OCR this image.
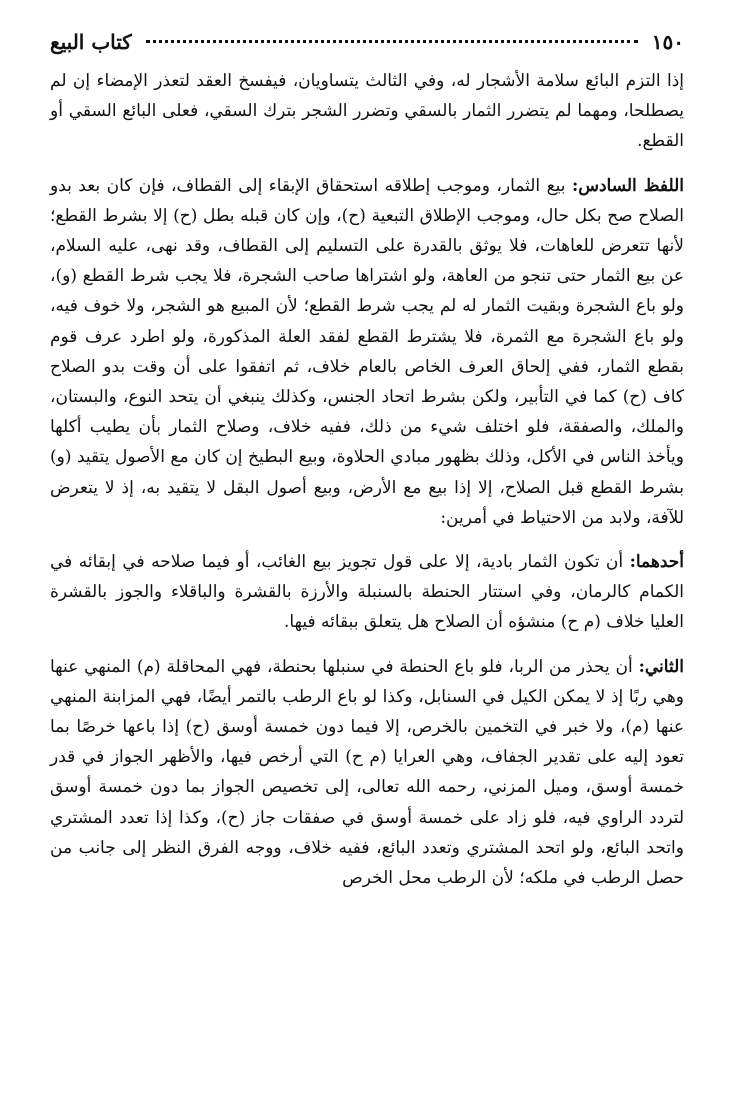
١٥٠
كتاب البيع

إذا التزم البائع سلامة الأشجار له، وفي الثالث يتساويان، فيفسخ العقد لتعذر الإمضاء إن لم يصطلحا، ومهما لم يتضرر الثمار بالسقي وتضرر الشجر بترك السقي، فعلى البائع السقي أو القطع.

اللفظ السادس: بيع الثمار، وموجب إطلاقه استحقاق الإبقاء إلى القطاف، فإن كان بعد بدو الصلاح صح بكل حال، وموجب الإطلاق التبعية (ح)، وإن كان قبله بطل (ح) إلا بشرط القطع؛ لأنها تتعرض للعاهات، فلا يوثق بالقدرة على التسليم إلى القطاف، وقد نهى، عليه السلام، عن بيع الثمار حتى تنجو من العاهة، ولو اشتراها صاحب الشجرة، فلا يجب شرط القطع (و)، ولو باع الشجرة وبقيت الثمار له لم يجب شرط القطع؛ لأن المبيع هو الشجر، ولا خوف فيه، ولو باع الشجرة مع الثمرة، فلا يشترط القطع لفقد العلة المذكورة، ولو اطرد عرف قوم بقطع الثمار، ففي إلحاق العرف الخاص بالعام خلاف، ثم اتفقوا على أن وقت بدو الصلاح كاف (ح) كما في التأبير، ولكن بشرط اتحاد الجنس، وكذلك ينبغي أن يتحد النوع، والبستان، والملك، والصفقة، فلو اختلف شيء من ذلك، ففيه خلاف، وصلاح الثمار بأن يطيب أكلها ويأخذ الناس في الأكل، وذلك بظهور مبادي الحلاوة، وبيع البطيخ إن كان مع الأصول يتقيد (و) بشرط القطع قبل الصلاح، إلا إذا بيع مع الأرض، وبيع أصول البقل لا يتقيد به، إذ لا يتعرض للآفة، ولابد من الاحتياط في أمرين:

أحدهما: أن تكون الثمار بادية، إلا على قول تجويز بيع الغائب، أو فيما صلاحه في إبقائه في الكمام كالرمان، وفي استتار الحنطة بالسنبلة والأرزة بالقشرة والباقلاء والجوز بالقشرة العليا خلاف (م ح) منشؤه أن الصلاح هل يتعلق ببقائه فيها.

الثاني: أن يحذر من الربا، فلو باع الحنطة في سنبلها بحنطة، فهي المحاقلة (م) المنهي عنها وهي ربًا إذ لا يمكن الكيل في السنابل، وكذا لو باع الرطب بالتمر أيضًا، فهي المزابنة المنهي عنها (م)، ولا خبر في التخمين بالخرص، إلا فيما دون خمسة أوسق (ح) إذا باعها خرصًا بما تعود إليه على تقدير الجفاف، وهي العرايا (م ح) التي أرخص فيها، والأظهر الجواز في قدر خمسة أوسق، وميل المزني، رحمه الله تعالى، إلى تخصيص الجواز بما دون خمسة أوسق لتردد الراوي فيه، فلو زاد على خمسة أوسق في صفقات جاز (ح)، وكذا إذا تعدد المشتري واتحد البائع، ولو اتحد المشتري وتعدد البائع، ففيه خلاف، ووجه الفرق النظر إلى جانب من حصل الرطب في ملكه؛ لأن الرطب محل الخرص
